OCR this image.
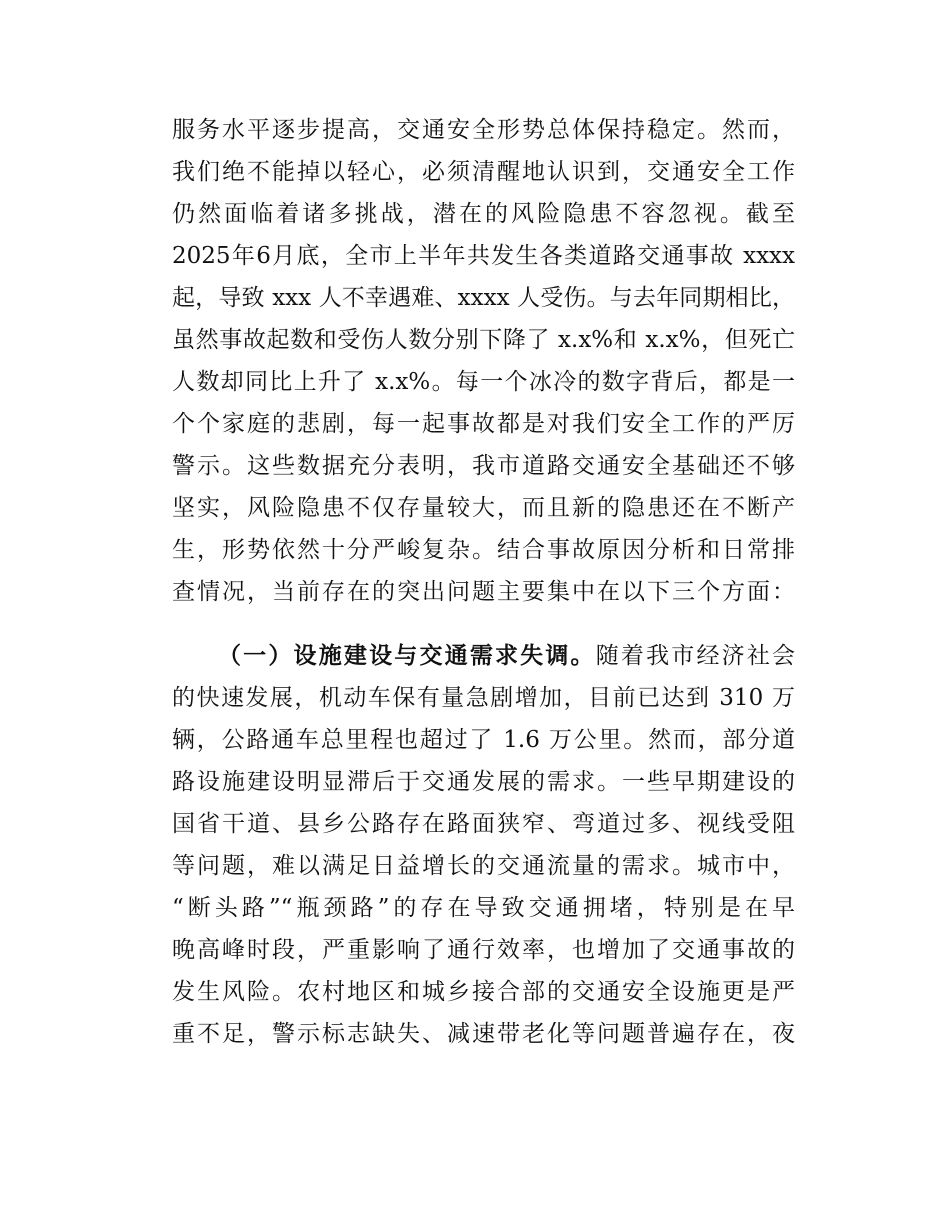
服务水平逐步提高，交通安全形势总体保持稳定。然而，
我们绝不能掉以轻心，必须清醒地认识到，交通安全工作
仍然面临着诸多挑战，潜在的风险隐患不容忽视。截至
2025年6月底，全市上半年共发生各类道路交通事故 xxxx
起，导致 xxx 人不幸遇难、xxxx 人受伤。与去年同期相比，
虽然事故起数和受伤人数分别下降了 x.x%和 x.x%，但死亡
人数却同比上升了 x.x%。每一个冰冷的数字背后，都是一
个个家庭的悲剧，每一起事故都是对我们安全工作的严厉
警示。这些数据充分表明，我市道路交通安全基础还不够
坚实，风险隐患不仅存量较大，而且新的隐患还在不断产
生，形势依然十分严峻复杂。结合事故原因分析和日常排
查情况，当前存在的突出问题主要集中在以下三个方面：
（一）设施建设与交通需求失调。随着我市经济社会
的快速发展，机动车保有量急剧增加，目前已达到 310 万
辆，公路通车总里程也超过了 1.6 万公里。然而，部分道
路设施建设明显滞后于交通发展的需求。一些早期建设的
国省干道、县乡公路存在路面狭窄、弯道过多、视线受阻
等问题，难以满足日益增长的交通流量的需求。城市中，
“断头路”“瓶颈路”的存在导致交通拥堵，特别是在早
晚高峰时段，严重影响了通行效率，也增加了交通事故的
发生风险。农村地区和城乡接合部的交通安全设施更是严
重不足，警示标志缺失、减速带老化等问题普遍存在，夜
